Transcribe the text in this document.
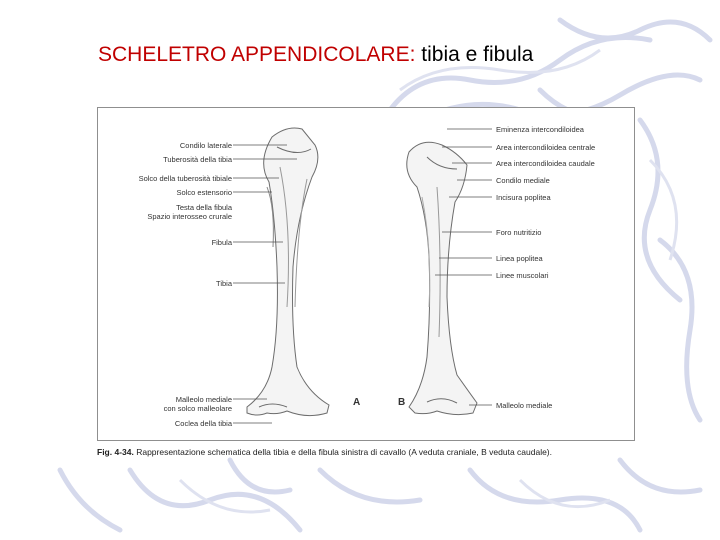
SCHELETRO APPENDICOLARE: tibia e fibula
Condilo laterale
Tuberosità della tibia
Solco della tuberosità tibiale
Solco estensorio
Testa della fibula
Spazio interosseo crurale
Fibula
Tibia
Malleolo mediale
con solco malleolare
Coclea della tibia
Eminenza intercondiloidea
Area intercondiloidea centrale
Area intercondiloidea caudale
Condilo mediale
Incisura poplitea
Foro nutritizio
Linea poplitea
Linee muscolari
Malleolo mediale
A	B
Fig. 4-34. Rappresentazione schematica della tibia e della fibula sinistra di cavallo (A veduta craniale, B veduta caudale).
